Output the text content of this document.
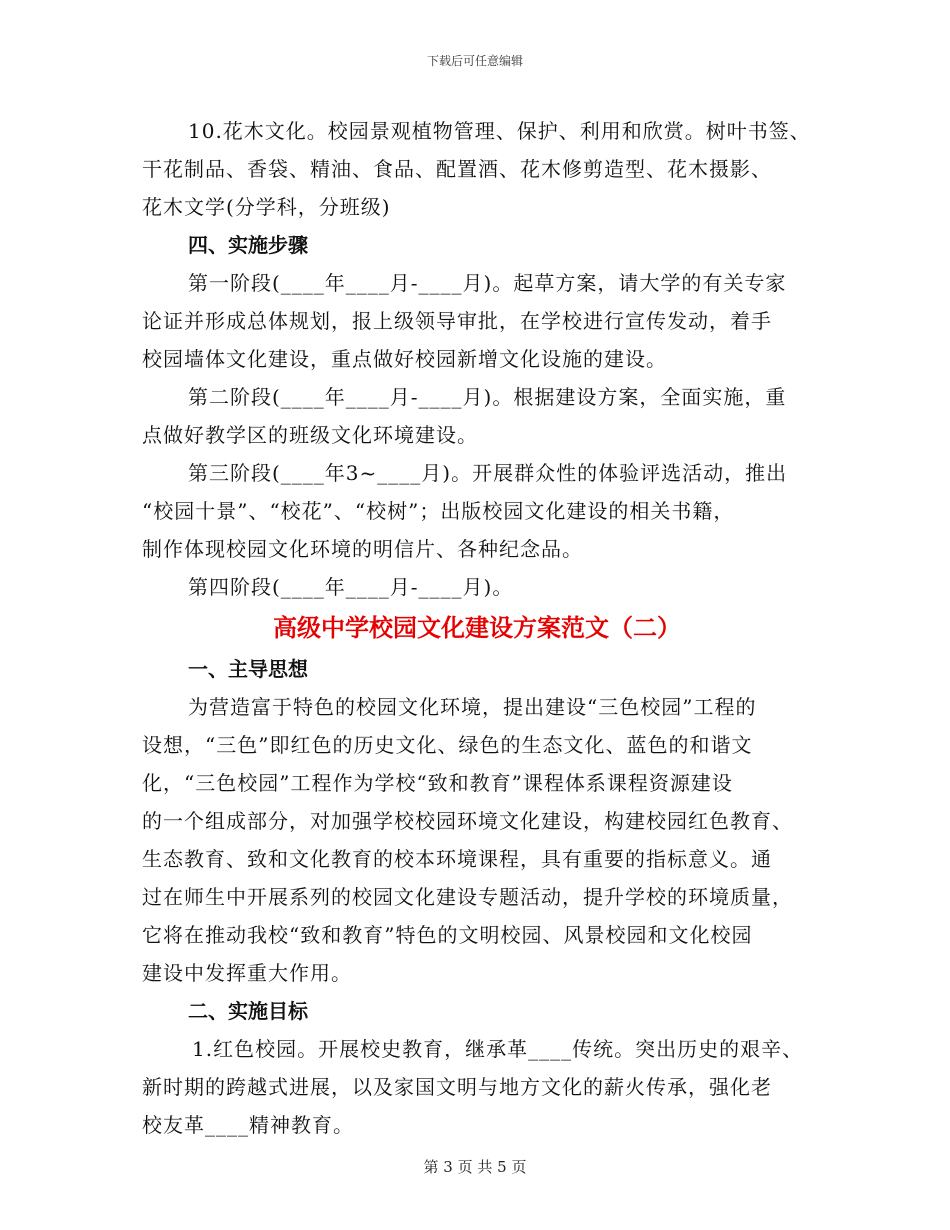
下载后可任意编辑
10.花木文化。校园景观植物管理、保护、利用和欣赏。树叶书签、
干花制品、香袋、精油、食品、配置酒、花木修剪造型、花木摄影、
花木文学(分学科，分班级)
四、实施步骤
第一阶段(____年____月-____月)。起草方案，请大学的有关专家
论证并形成总体规划，报上级领导审批，在学校进行宣传发动，着手
校园墙体文化建设，重点做好校园新增文化设施的建设。
第二阶段(____年____月-____月)。根据建设方案，全面实施，重
点做好教学区的班级文化环境建设。
第三阶段(____年3~____月)。开展群众性的体验评选活动，推出
“校园十景”、“校花”、“校树”；出版校园文化建设的相关书籍，
制作体现校园文化环境的明信片、各种纪念品。
第四阶段(____年____月-____月)。
高级中学校园文化建设方案范文（二）
一、主导思想
为营造富于特色的校园文化环境，提出建设“三色校园”工程的
设想，“三色”即红色的历史文化、绿色的生态文化、蓝色的和谐文
化，“三色校园”工程作为学校“致和教育”课程体系课程资源建设
的一个组成部分，对加强学校校园环境文化建设，构建校园红色教育、
生态教育、致和文化教育的校本环境课程，具有重要的指标意义。通
过在师生中开展系列的校园文化建设专题活动，提升学校的环境质量，
它将在推动我校“致和教育”特色的文明校园、风景校园和文化校园
建设中发挥重大作用。
二、实施目标
1.红色校园。开展校史教育，继承革____传统。突出历史的艰辛、
新时期的跨越式进展，以及家国文明与地方文化的薪火传承，强化老
校友革____精神教育。
第 3 页 共 5 页
